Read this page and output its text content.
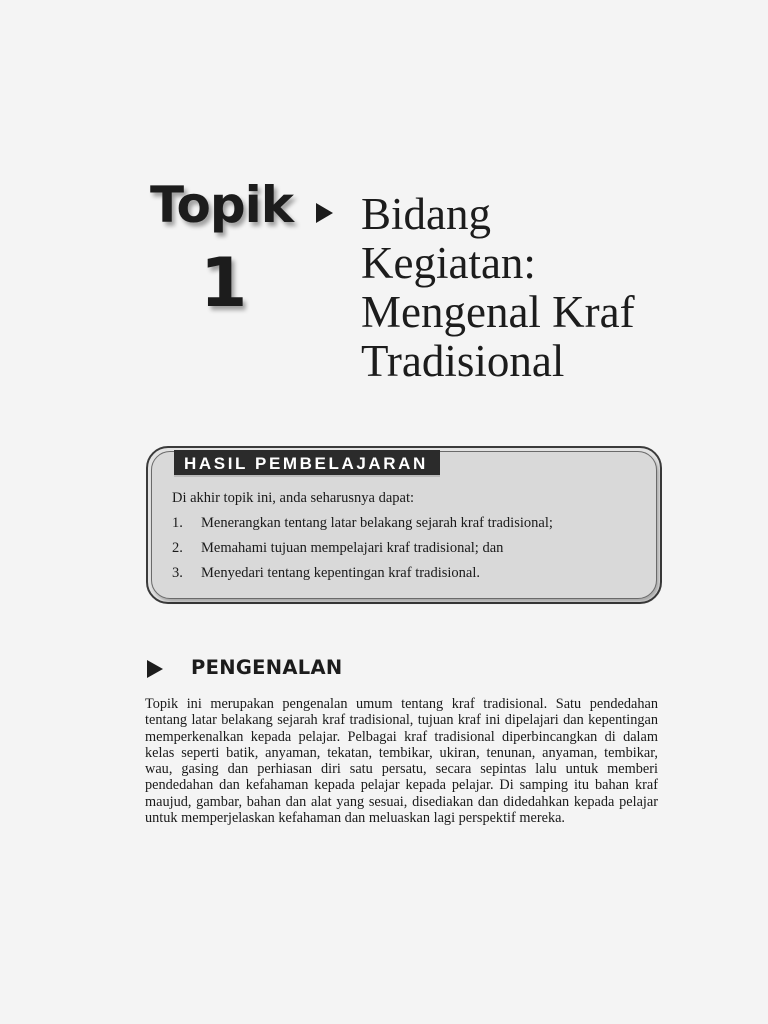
Topik
1
Bidang
Kegiatan:
Mengenal Kraf
Tradisional
HASIL PEMBELAJARAN
Di akhir topik ini, anda seharusnya dapat:
1.	Menerangkan tentang latar belakang sejarah kraf tradisional;
2.	Memahami tujuan mempelajari kraf tradisional; dan
3.	Menyedari tentang kepentingan kraf tradisional.
PENGENALAN

Topik ini merupakan pengenalan umum tentang kraf tradisional. Satu pendedahan tentang latar belakang sejarah kraf tradisional, tujuan kraf ini dipelajari dan kepentingan memperkenalkan kepada pelajar. Pelbagai kraf tradisional diperbincangkan di dalam kelas seperti batik, anyaman, tekatan, tembikar, ukiran, tenunan, anyaman, tembikar, wau, gasing dan perhiasan diri satu persatu, secara sepintas lalu untuk memberi pendedahan dan kefahaman kepada pelajar kepada pelajar. Di samping itu bahan kraf maujud, gambar, bahan dan alat yang sesuai, disediakan dan didedahkan kepada pelajar untuk memperjelaskan kefahaman dan meluaskan lagi perspektif mereka.
